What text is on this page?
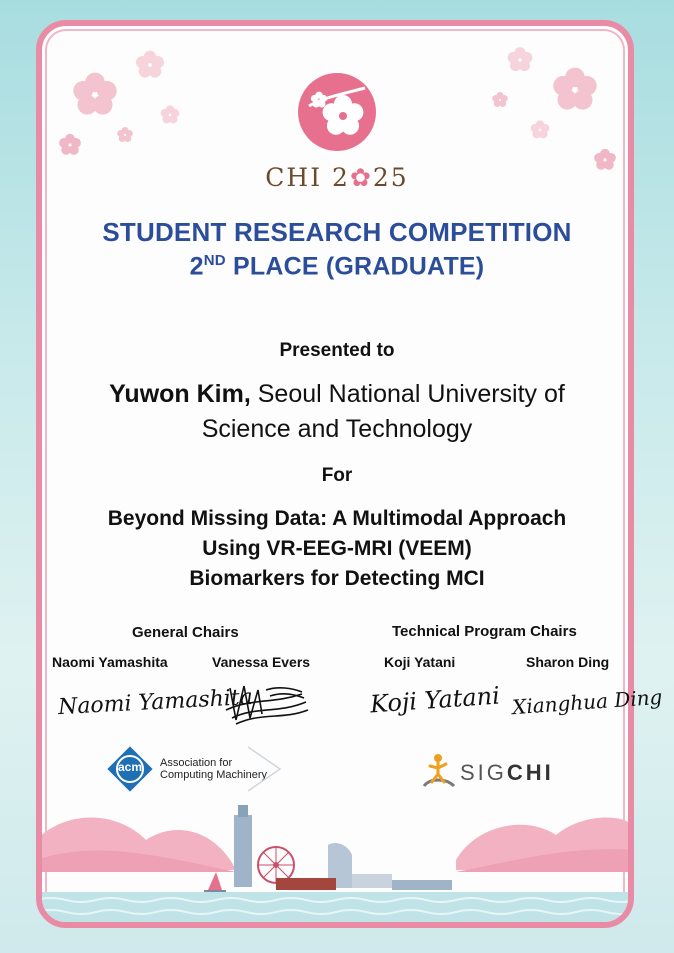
CHI 2✿25
STUDENT RESEARCH COMPETITION
2ND PLACE (GRADUATE)
Presented to
Yuwon Kim, Seoul National University of
Science and Technology
For
Beyond Missing Data: A Multimodal Approach
Using VR-EEG-MRI (VEEM)
Biomarkers for Detecting MCI
General Chairs	Technical Program Chairs
Naomi Yamashita	Vanessa Evers	Koji Yatani	Sharon Ding
Naomi Yamashita	Koji Yatani Xianghua Ding
acm	Association for
Computing Machinery	SIGCHI
